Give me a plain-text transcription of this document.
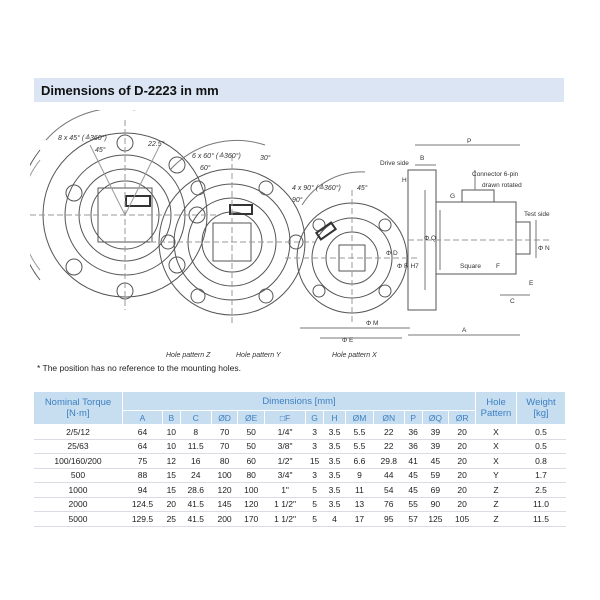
Dimensions of D-2223 in mm
8 x 45° (≙360°)
45°
22.5°
6 x 60° (≙360°)
60°
30°
4 x 90° (≙360°)
90°
45°
Hole pattern Z	Hole pattern Y	Hole pattern X
P
B
Drive side
H
Connector 6-pin
drawn rotated
G
Test side
Φ D
Φ R H7
Φ Q
Φ N
Square F
E
C
Φ M
Φ E
A
* The position has no reference to the mounting holes.
Nominal Torque
[N·m]	Dimensions [mm]													Hole
Pattern	Weight
[kg]
	A	B	C	ØD	ØE	□F	G	H	ØM	ØN	P	ØQ	ØR		
2/5/12	64	10	8	70	50	1/4"	3	3.5	5.5	22	36	39	20	X	0.5
25/63	64	10	11.5	70	50	3/8"	3	3.5	5.5	22	36	39	20	X	0.5
100/160/200	75	12	16	80	60	1/2"	15	3.5	6.6	29.8	41	45	20	X	0.8
500	88	15	24	100	80	3/4"	3	3.5	9	44	45	59	20	Y	1.7
1000	94	15	28.6	120	100	1"	5	3.5	11	54	45	69	20	Z	2.5
2000	124.5	20	41.5	145	120	1 1/2"	5	3.5	13	76	55	90	20	Z	11.0
5000	129.5	25	41.5	200	170	1 1/2"	5	4	17	95	57	125	105	Z	11.5
